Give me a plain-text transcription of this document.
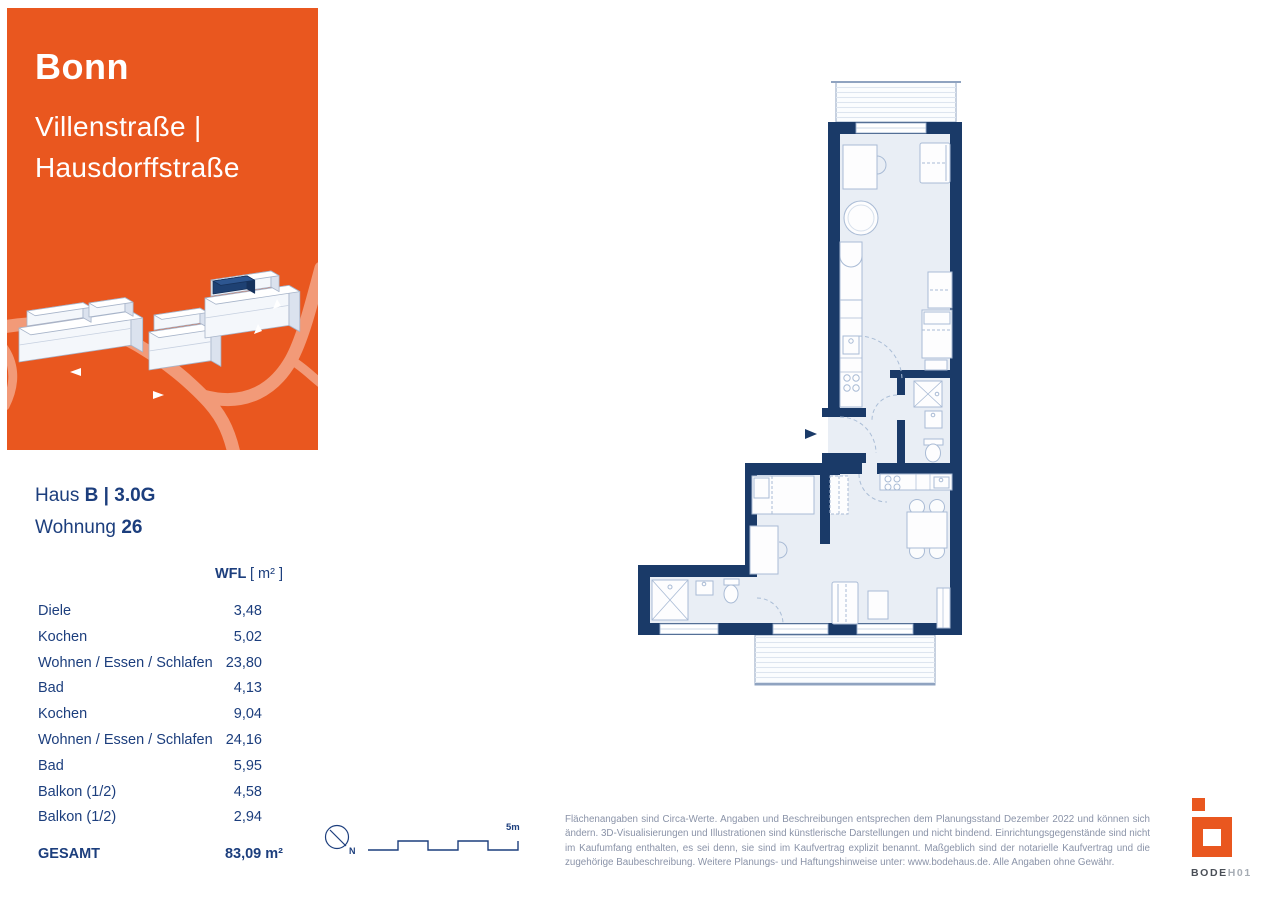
Bonn
Villenstraße |
Hausdorffstraße
Haus B | 3.0G
Wohnung 26
WFL [ m² ]
Diele	3,48
Kochen	5,02
Wohnen / Essen / Schlafen 23,80
Bad	4,13
Kochen	9,04
Wohnen / Essen / Schlafen 24,16
Bad	5,95
Balkon (1/2)	4,58
Balkon (1/2)	2,94
GESAMT	83,09 m²	N
5m
Flächenangaben sind Circa-Werte. Angaben und Beschreibungen entsprechen dem Planungsstand Dezember 2022 und können sich ändern. 3D-Visualisierungen und Illustrationen sind künstlerische Darstellungen und nicht bindend. Einrichtungsgegenstände sind nicht im Kaufumfang enthalten, es sei denn, sie sind im Kaufvertrag explizit benannt. Maßgeblich sind der notarielle Kaufvertrag und die zugehörige Baubeschreibung. Weitere Planungs- und Haftungshinweise unter: www.bodehaus.de. Alle Angaben ohne Gewähr.
BODEH01
